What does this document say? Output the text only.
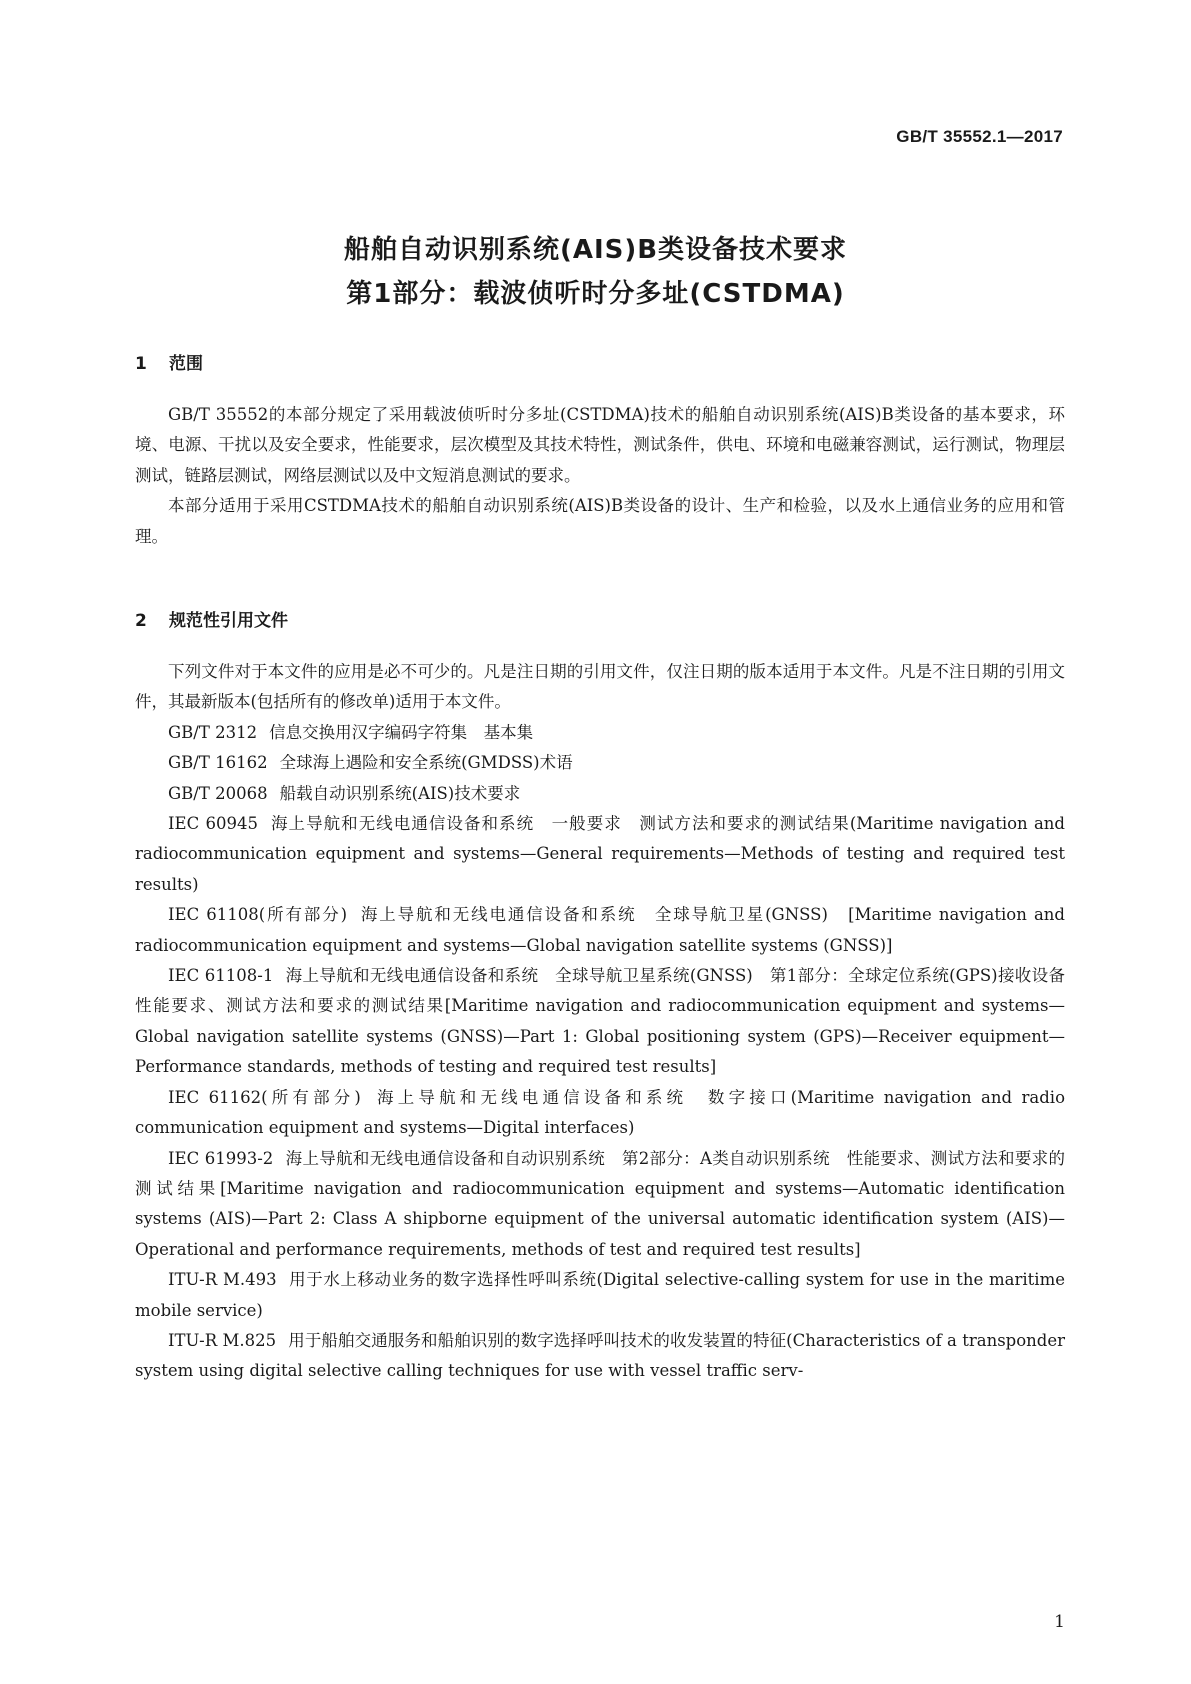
GB/T 35552.1—2017
船舶自动识别系统(AIS)B类设备技术要求
第1部分：载波侦听时分多址(CSTDMA)
1 范围

GB/T 35552的本部分规定了采用载波侦听时分多址(CSTDMA)技术的船舶自动识别系统(AIS)B类设备的基本要求，环境、电源、干扰以及安全要求，性能要求，层次模型及其技术特性，测试条件，供电、环境和电磁兼容测试，运行测试，物理层测试，链路层测试，网络层测试以及中文短消息测试的要求。

本部分适用于采用CSTDMA技术的船舶自动识别系统(AIS)B类设备的设计、生产和检验，以及水上通信业务的应用和管理。

2 规范性引用文件

下列文件对于本文件的应用是必不可少的。凡是注日期的引用文件，仅注日期的版本适用于本文件。凡是不注日期的引用文件，其最新版本(包括所有的修改单)适用于本文件。

GB/T 2312 信息交换用汉字编码字符集　基本集
GB/T 16162 全球海上遇险和安全系统(GMDSS)术语
GB/T 20068 船载自动识别系统(AIS)技术要求
IEC 60945 海上导航和无线电通信设备和系统　一般要求　测试方法和要求的测试结果(Maritime navigation and radiocommunication equipment and systems—General requirements—Methods of testing and required test results)
IEC 61108(所有部分) 海上导航和无线电通信设备和系统　全球导航卫星(GNSS)　[Maritime navigation and radiocommunication equipment and systems—Global navigation satellite systems (GNSS)]
IEC 61108-1 海上导航和无线电通信设备和系统　全球导航卫星系统(GNSS)　第1部分：全球定位系统(GPS)接收设备　性能要求、测试方法和要求的测试结果[Maritime navigation and radiocommunication equipment and systems—Global navigation satellite systems (GNSS)—Part 1: Global positioning system (GPS)—Receiver equipment—Performance standards, methods of testing and required test results]
IEC 61162(所有部分) 海上导航和无线电通信设备和系统　数字接口(Maritime navigation and radio communication equipment and systems—Digital interfaces)
IEC 61993-2 海上导航和无线电通信设备和自动识别系统　第2部分：A类自动识别系统　性能要求、测试方法和要求的测试结果[Maritime navigation and radiocommunication equipment and systems—Automatic identification systems (AIS)—Part 2: Class A shipborne equipment of the universal automatic identification system (AIS)—Operational and performance requirements, methods of test and required test results]
ITU-R M.493 用于水上移动业务的数字选择性呼叫系统(Digital selective-calling system for use in the maritime mobile service)
ITU-R M.825 用于船舶交通服务和船舶识别的数字选择呼叫技术的收发装置的特征(Characteristics of a transponder system using digital selective calling techniques for use with vessel traffic serv-
1
